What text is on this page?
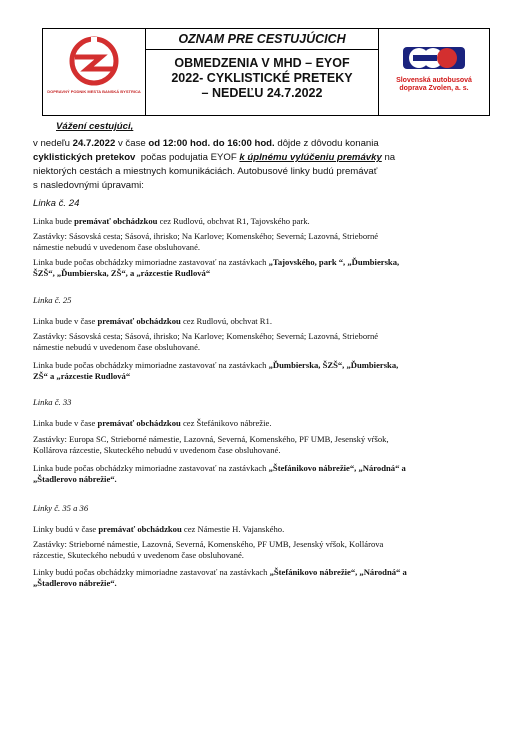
DOPRAVNÝ PODNIK MESTA BANSKÁ BYSTRICA
OZNAM PRE CESTUJÚCICH
OBMEDZENIA V MHD – EYOF
2022- CYKLISTICKÉ PRETEKY
– NEDEĽU 24.7.2022
Slovenská autobusová
doprava Zvolen, a. s.
Vážení cestujúci,
v nedeľu 24.7.2022 v čase od 12:00 hod. do 16:00 hod. dôjde z dôvodu konania
cyklistických pretekov počas podujatia EYOF k úplnému vylúčeniu premávky na
niektorých cestách a miestnych komunikáciách. Autobusové linky budú premávať
s nasledovnými úpravami:
Linka č. 24
Linka bude premávať obchádzkou cez Rudlovú, obchvat R1, Tajovského park.
Zastávky: Sásovská cesta; Sásová, ihrisko; Na Karlove; Komenského; Severná; Lazovná, Strieborné
námestie nebudú v uvedenom čase obsluhované.
Linka bude počas obchádzky mimoriadne zastavovať na zastávkach „Tajovského, park “, „Ďumbierska,
ŠZŠ“, „Ďumbierska, ZŠ“, a „rázcestie Rudlová“
Linka č. 25
Linka bude v čase premávať obchádzkou cez Rudlovú, obchvat R1.
Zastávky: Sásovská cesta; Sásová, ihrisko; Na Karlove; Komenského; Severná; Lazovná, Strieborné
námestie nebudú v uvedenom čase obsluhované.
Linka bude počas obchádzky mimoriadne zastavovať na zastávkach „Ďumbierska, ŠZŠ“, „Ďumbierska,
ZŠ“ a „rázcestie Rudlová“
Linka č. 33
Linka bude v čase premávať obchádzkou cez Štefánikovo nábrežie.
Zastávky: Europa SC, Strieborné námestie, Lazovná, Severná, Komenského, PF UMB, Jesenský vŕšok,
Kollárova rázcestie, Skuteckého nebudú v uvedenom čase obsluhované.
Linka bude počas obchádzky mimoriadne zastavovať na zastávkach „Štefánikovo nábrežie“, „Národná“ a
„Štadlerovo nábrežie“.
Linky č. 35 a 36
Linky budú v čase premávať obchádzkou cez Námestie H. Vajanského.
Zastávky: Strieborné námestie, Lazovná, Severná, Komenského, PF UMB, Jesenský vŕšok, Kollárova
rázcestie, Skuteckého nebudú v uvedenom čase obsluhované.
Linky budú počas obchádzky mimoriadne zastavovať na zastávkach „Štefánikovo nábrežie“, „Národná“ a
„Štadlerovo nábrežie“.
